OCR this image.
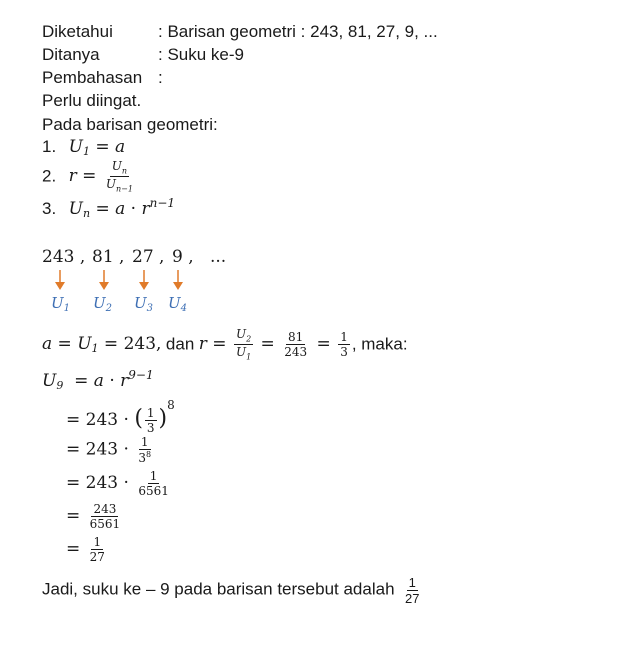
Diketahui	: Barisan geometri : 243, 81, 27, 9, ...
Ditanya	: Suku ke-9
Pembahasan :
Perlu diingat.
Pada barisan geometri:
1. $U_1 = a$
2. $r = \frac{U_n}{U_{n-1}}$
3. $U_n = a \cdot r^{n-1}$
243 , 81 , 27 , 9 , ...
$U_1$ $U_2$ $U_3$ $U_4$
$a = U_1 = 243$, dan $r = \frac{U_2}{U_1} = \frac{81}{243} = \frac{1}{3}$ , maka:
$U_9 = a \cdot r^{9-1}$
= 243 · ( $\frac{1}{3} )^8$
= $243 \cdot \frac{1}{3^8}$
= $243 \cdot \frac{1}{6561}$
= $\frac{243}{6561}$
= $\frac{1}{27}$
Jadi, suku ke – 9 pada barisan tersebut adalah $\frac{1}{27}$
